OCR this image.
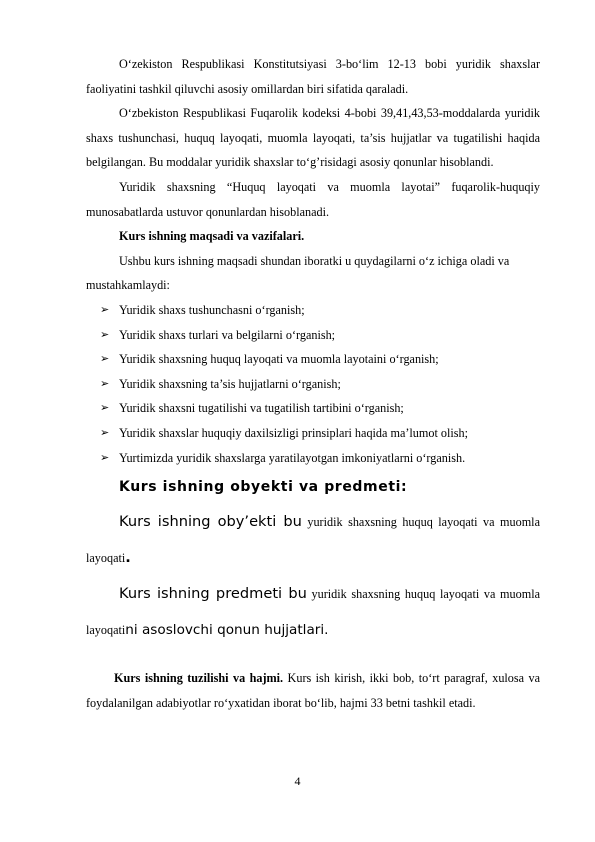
O‘zekiston Respublikasi Konstitutsiyasi 3-bo‘lim 12-13 bobi yuridik shaxslar faoliyatini tashkil qiluvchi asosiy omillardan biri sifatida qaraladi.

O‘zbekiston Respublikasi Fuqarolik kodeksi 4-bobi 39,41,43,53-moddalarda yuridik shaxs tushunchasi, huquq layoqati, muomla layoqati, ta’sis hujjatlar va tugatilishi haqida belgilangan. Bu moddalar yuridik shaxslar to‘g’risidagi asosiy qonunlar hisoblandi.

Yuridik shaxsning “Huquq layoqati va muomla layotai” fuqarolik-huquqiy munosabatlarda ustuvor qonunlardan hisoblanadi.

Kurs ishning maqsadi va vazifalari.

Ushbu kurs ishning maqsadi shundan iboratki u quydagilarni o‘z ichiga oladi va mustahkamlaydi:

➢ Yuridik shaxs tushunchasni o‘rganish;
➢ Yuridik shaxs turlari va belgilarni o‘rganish;
➢ Yuridik shaxsning huquq layoqati va muomla layotaini o‘rganish;
➢ Yuridik shaxsning ta’sis hujjatlarni o‘rganish;
➢ Yuridik shaxsni tugatilishi va tugatilish tartibini o‘rganish;
➢ Yuridik shaxslar huquqiy daxilsizligi prinsiplari haqida ma’lumot olish;
➢ Yurtimizda yuridik shaxslarga yaratilayotgan imkoniyatlarni o‘rganish.

Kurs ishning obyekti va predmeti:

Kurs ishning oby’ekti bu yuridik shaxsning huquq layoqati va muomla layoqati.

Kurs ishning predmeti bu yuridik shaxsning huquq layoqati va muomla layoqatini asoslovchi qonun hujjatlari.

Kurs ishning tuzilishi va hajmi. Kurs ish kirish, ikki bob, to‘rt paragraf, xulosa va foydalanilgan adabiyotlar ro‘yxatidan iborat bo‘lib, hajmi 33 betni tashkil etadi.

4
